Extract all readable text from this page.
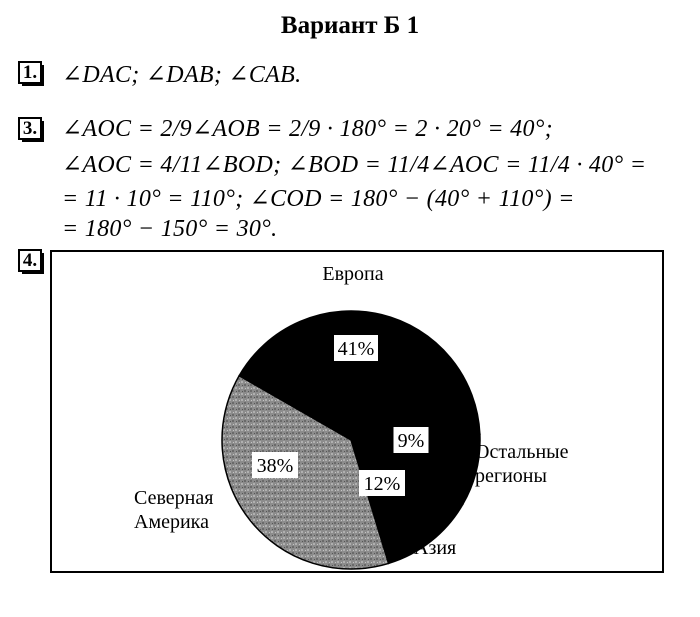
Вариант Б 1
1. ∠DAC; ∠DAB; ∠CAB.
3. ∠AOC = 2/9∠AOB = 2/9 · 180° = 2 · 20° = 40°;
∠AOC = 4/11∠BOD; ∠BOD = 11/4∠AOC = 11/4 · 40° =
= 11 · 10° = 110°; ∠COD = 180° − (40° + 110°) =
= 180° − 150° = 30°.
4.
41%
9%
12%
38%
Европа
Остальные
регионы
Азия
Северная
Америка
